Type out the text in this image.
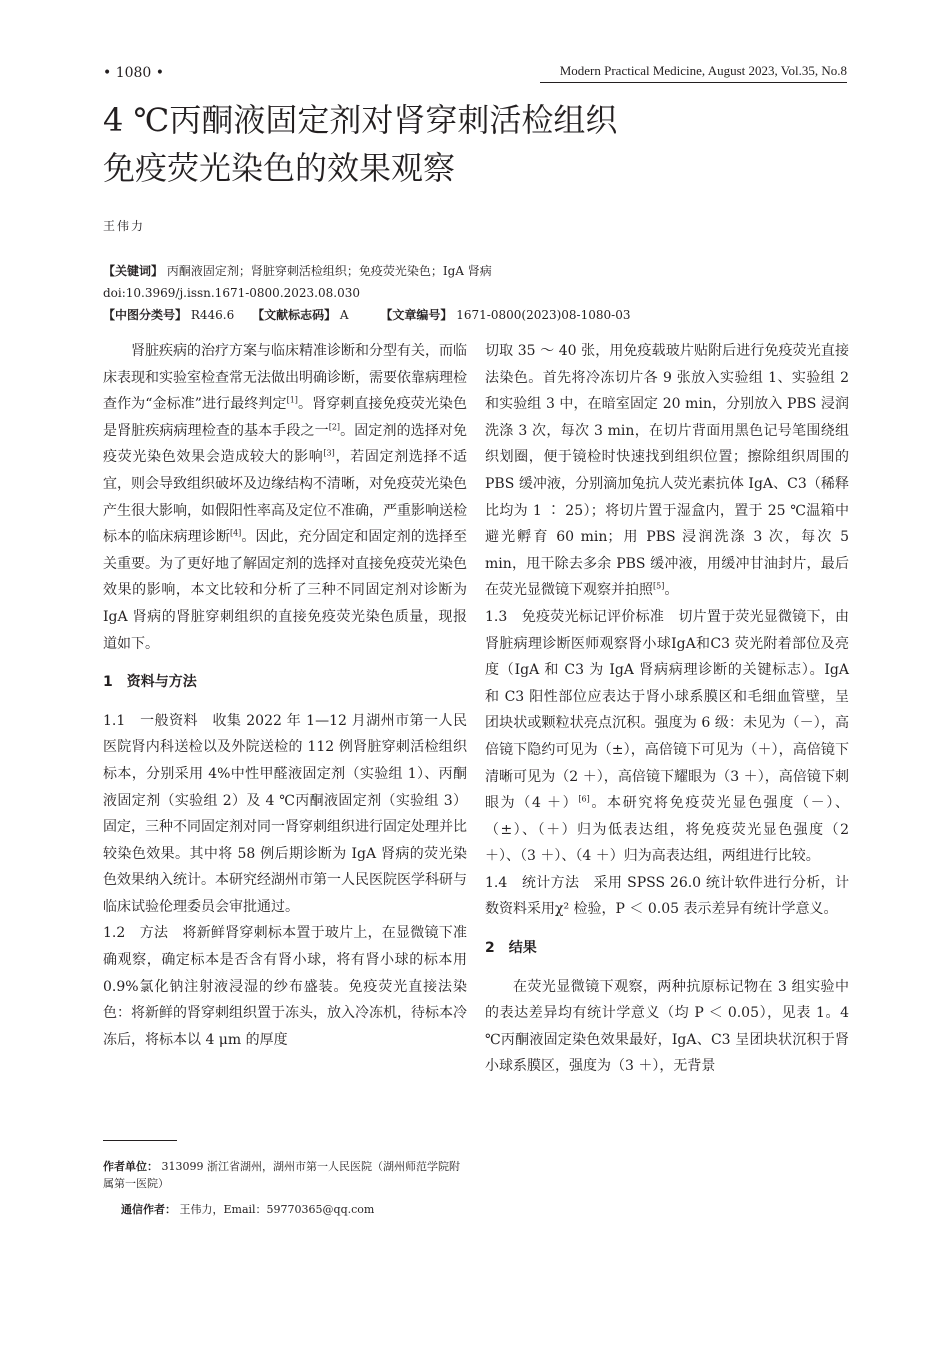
• 1080 •	Modern Practical Medicine, August 2023, Vol.35, No.8
4 ℃丙酮液固定剂对肾穿刺活检组织
免疫荧光染色的效果观察
王伟力
【关键词】 丙酮液固定剂；肾脏穿刺活检组织；免疫荧光染色；IgA 肾病
doi:10.3969/j.issn.1671-0800.2023.08.030
【中图分类号】 R446.6 【文献标志码】 A	【文章编号】 1671-0800(2023)08-1080-03

肾脏疾病的治疗方案与临床精准诊断和分型有关，而临床表现和实验室检查常无法做出明确诊断，需要依靠病理检查作为“金标准”进行最终判定[1]。肾穿刺直接免疫荧光染色是肾脏疾病病理检查的基本手段之一[2]。固定剂的选择对免疫荧光染色效果会造成较大的影响[3]，若固定剂选择不适宜，则会导致组织破坏及边缘结构不清晰，对免疫荧光染色产生很大影响，如假阳性率高及定位不准确，严重影响送检标本的临床病理诊断[4]。因此，充分固定和固定剂的选择至关重要。为了更好地了解固定剂的选择对直接免疫荧光染色效果的影响，本文比较和分析了三种不同固定剂对诊断为IgA 肾病的肾脏穿刺组织的直接免疫荧光染色质量，现报道如下。

1　资料与方法

1.1　一般资料　收集 2022 年 1—12 月湖州市第一人民医院肾内科送检以及外院送检的 112 例肾脏穿刺活检组织标本，分别采用 4%中性甲醛液固定剂（实验组 1）、丙酮液固定剂（实验组 2）及 4 ℃丙酮液固定剂（实验组 3）固定，三种不同固定剂对同一肾穿刺组织进行固定处理并比较染色效果。其中将 58 例后期诊断为 IgA 肾病的荧光染色效果纳入统计。本研究经湖州市第一人民医院医学科研与临床试验伦理委员会审批通过。

1.2　方法　将新鲜肾穿刺标本置于玻片上，在显微镜下准确观察，确定标本是否含有肾小球，将有肾小球的标本用 0.9%氯化钠注射液浸湿的纱布盛装。免疫荧光直接法染色：将新鲜的肾穿刺组织置于冻头，放入冷冻机，待标本冷冻后，将标本以 4 μm 的厚度

切取 35 ～ 40 张，用免疫载玻片贴附后进行免疫荧光直接法染色。首先将冷冻切片各 9 张放入实验组 1、实验组 2 和实验组 3 中，在暗室固定 20 min，分别放入 PBS 浸润洗涤 3 次，每次 3 min，在切片背面用黑色记号笔围绕组织划圈，便于镜检时快速找到组织位置；擦除组织周围的 PBS 缓冲液，分别滴加兔抗人荧光素抗体 IgA、C3（稀释比均为 1 ∶ 25）；将切片置于湿盒内，置于 25 ℃温箱中避光孵育 60 min；用 PBS 浸润洗涤 3 次，每次 5 min，甩干除去多余 PBS 缓冲液，用缓冲甘油封片，最后在荧光显微镜下观察并拍照[5]。

1.3　免疫荧光标记评价标准　切片置于荧光显微镜下，由肾脏病理诊断医师观察肾小球IgA和C3 荧光附着部位及亮度（IgA 和 C3 为 IgA 肾病病理诊断的关键标志）。IgA 和 C3 阳性部位应表达于肾小球系膜区和毛细血管壁，呈团块状或颗粒状亮点沉积。强度为 6 级：未见为（－），高倍镜下隐约可见为（±），高倍镜下可见为（＋），高倍镜下清晰可见为（2 ＋），高倍镜下耀眼为（3 ＋），高倍镜下刺眼为（4 ＋）[6]。本研究将免疫荧光显色强度（－）、（±）、（＋）归为低表达组，将免疫荧光显色强度（2 ＋）、（3 ＋）、（4 ＋）归为高表达组，两组进行比较。

1.4　统计方法　采用 SPSS 26.0 统计软件进行分析，计数资料采用χ² 检验，P ＜ 0.05 表示差异有统计学意义。

2　结果

在荧光显微镜下观察，两种抗原标记物在 3 组实验中的表达差异均有统计学意义（均 P ＜ 0.05），见表 1。4 ℃丙酮液固定染色效果最好，IgA、C3 呈团块状沉积于肾小球系膜区，强度为（3 ＋），无背景

作者单位： 313099 浙江省湖州，湖州市第一人民医院（湖州师范学院附属第一医院）
通信作者： 王伟力，Email：59770365@qq.com
